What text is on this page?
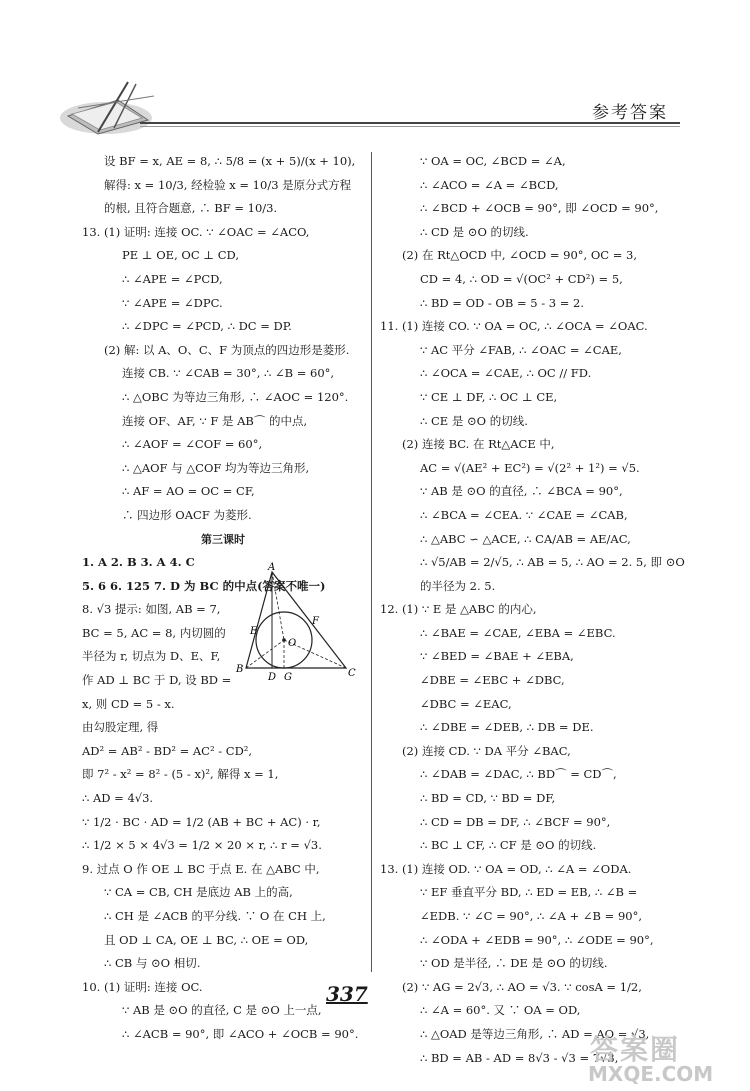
参考答案
设 BF = x, AE = 8, ∴ 5/8 = (x + 5)/(x + 10),
解得: x = 10/3, 经检验 x = 10/3 是原分式方程
的根, 且符合题意, ∴ BF = 10/3.
13. (1) 证明: 连接 OC. ∵ ∠OAC = ∠ACO,
PE ⊥ OE, OC ⊥ CD,
∴ ∠APE = ∠PCD,
∵ ∠APE = ∠DPC.
∴ ∠DPC = ∠PCD, ∴ DC = DP.
(2) 解: 以 A、O、C、F 为顶点的四边形是菱形.
连接 CB. ∵ ∠CAB = 30°, ∴ ∠B = 60°,
∴ △OBC 为等边三角形, ∴ ∠AOC = 120°.
连接 OF、AF, ∵ F 是 AB⌒ 的中点,
∴ ∠AOF = ∠COF = 60°,
∴ △AOF 与 △COF 均为等边三角形,
∴ AF = AO = OC = CF,
∴ 四边形 OACF 为菱形.
第三课时
1. A 2. B 3. A 4. C
5. 6 6. 125 7. D 为 BC 的中点(答案不唯一)
8. √3 提示: 如图, AB = 7,
BC = 5, AC = 8, 内切圆的
半径为 r, 切点为 D、E、F,
作 AD ⊥ BC 于 D, 设 BD =
x, 则 CD = 5 - x.
由勾股定理, 得
AD² = AB² - BD² = AC² - CD²,
即 7² - x² = 8² - (5 - x)², 解得 x = 1,
∴ AD = 4√3.
∵ 1/2 · BC · AD = 1/2 (AB + BC + AC) · r,
∴ 1/2 × 5 × 4√3 = 1/2 × 20 × r, ∴ r = √3.
9. 过点 O 作 OE ⊥ BC 于点 E. 在 △ABC 中,
∵ CA = CB, CH 是底边 AB 上的高,
∴ CH 是 ∠ACB 的平分线. ∵ O 在 CH 上,
且 OD ⊥ CA, OE ⊥ BC, ∴ OE = OD,
∴ CB 与 ⊙O 相切.
10. (1) 证明: 连接 OC.
∵ AB 是 ⊙O 的直径, C 是 ⊙O 上一点,
∴ ∠ACB = 90°, 即 ∠ACO + ∠OCB = 90°.
∵ OA = OC, ∠BCD = ∠A,
∴ ∠ACO = ∠A = ∠BCD,
∴ ∠BCD + ∠OCB = 90°, 即 ∠OCD = 90°,
∴ CD 是 ⊙O 的切线.
(2) 在 Rt△OCD 中, ∠OCD = 90°, OC = 3,
CD = 4, ∴ OD = √(OC² + CD²) = 5,
∴ BD = OD - OB = 5 - 3 = 2.
11. (1) 连接 CO. ∵ OA = OC, ∴ ∠OCA = ∠OAC.
∵ AC 平分 ∠FAB, ∴ ∠OAC = ∠CAE,
∴ ∠OCA = ∠CAE, ∴ OC // FD.
∵ CE ⊥ DF, ∴ OC ⊥ CE,
∴ CE 是 ⊙O 的切线.
(2) 连接 BC. 在 Rt△ACE 中,
AC = √(AE² + EC²) = √(2² + 1²) = √5.
∵ AB 是 ⊙O 的直径, ∴ ∠BCA = 90°,
∴ ∠BCA = ∠CEA. ∵ ∠CAE = ∠CAB,
∴ △ABC ∽ △ACE, ∴ CA/AB = AE/AC,
∴ √5/AB = 2/√5, ∴ AB = 5, ∴ AO = 2. 5, 即 ⊙O
的半径为 2. 5.
12. (1) ∵ E 是 △ABC 的内心,
∴ ∠BAE = ∠CAE, ∠EBA = ∠EBC.
∵ ∠BED = ∠BAE + ∠EBA,
∠DBE = ∠EBC + ∠DBC,
∠DBC = ∠EAC,
∴ ∠DBE = ∠DEB, ∴ DB = DE.
(2) 连接 CD. ∵ DA 平分 ∠BAC,
∴ ∠DAB = ∠DAC, ∴ BD⌒ = CD⌒,
∴ BD = CD, ∵ BD = DF,
∴ CD = DB = DF, ∴ ∠BCF = 90°,
∴ BC ⊥ CF, ∴ CF 是 ⊙O 的切线.
13. (1) 连接 OD. ∵ OA = OD, ∴ ∠A = ∠ODA.
∵ EF 垂直平分 BD, ∴ ED = EB, ∴ ∠B =
∠EDB. ∵ ∠C = 90°, ∴ ∠A + ∠B = 90°,
∴ ∠ODA + ∠EDB = 90°, ∴ ∠ODE = 90°,
∵ OD 是半径, ∴ DE 是 ⊙O 的切线.
(2) ∵ AG = 2√3, ∴ AO = √3. ∵ cosA = 1/2,
∴ ∠A = 60°. 又 ∵ OA = OD,
∴ △OAD 是等边三角形, ∴ AD = AO = √3,
∴ BD = AB - AD = 8√3 - √3 = 7√3,
A
B	C
D
E
F
G
O
337
答案圈
MXQE.COM
